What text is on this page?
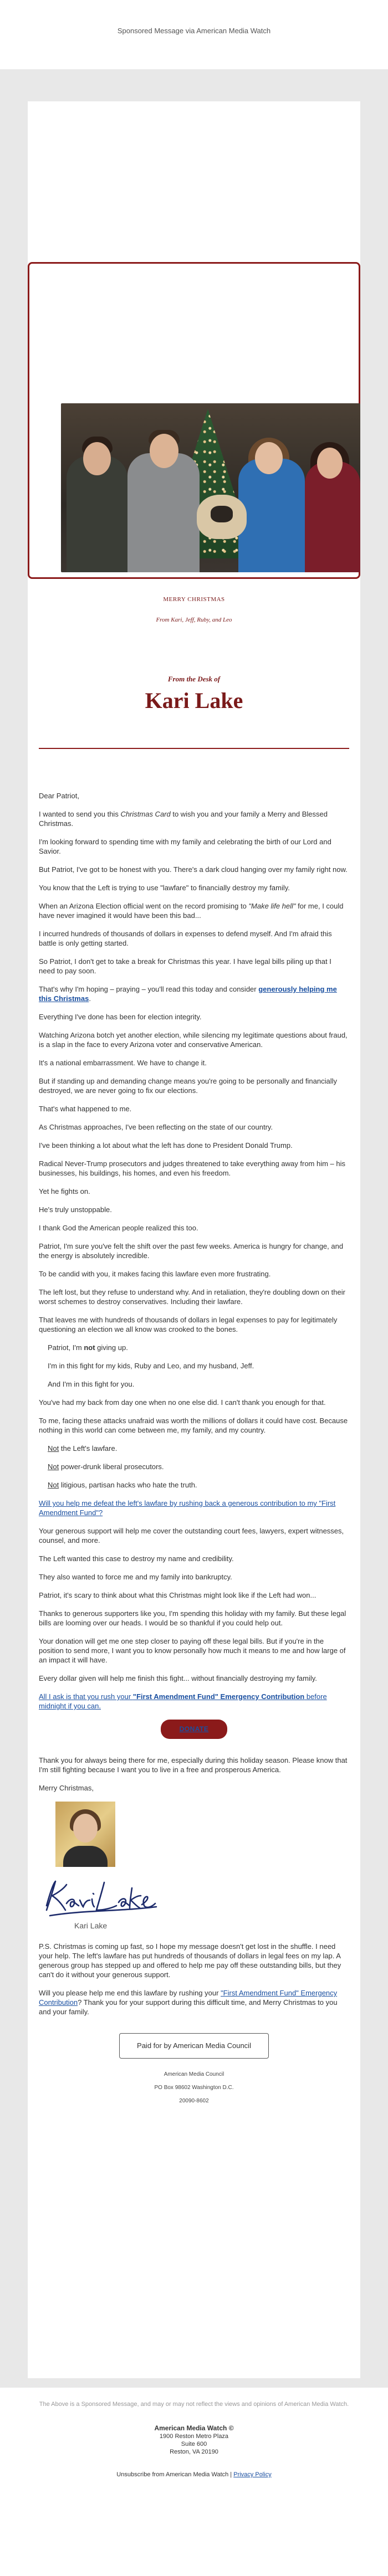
Sponsored Message via American Media Watch
MERRY CHRISTMAS
From Kari, Jeff, Ruby, and Leo
From the Desk of
Kari Lake

Dear Patriot,

I wanted to send you this Christmas Card to wish you and your family a Merry and Blessed Christmas.

I'm looking forward to spending time with my family and celebrating the birth of our Lord and Savior.

But Patriot, I've got to be honest with you. There's a dark cloud hanging over my family right now.

You know that the Left is trying to use "lawfare" to financially destroy my family.

When an Arizona Election official went on the record promising to "Make life hell" for me, I could have never imagined it would have been this bad...

I incurred hundreds of thousands of dollars in expenses to defend myself. And I'm afraid this battle is only getting started.

So Patriot, I don't get to take a break for Christmas this year. I have legal bills piling up that I need to pay soon.

That's why I'm hoping – praying – you'll read this today and consider generously helping me this Christmas.

Everything I've done has been for election integrity.

Watching Arizona botch yet another election, while silencing my legitimate questions about fraud, is a slap in the face to every Arizona voter and conservative American.

It's a national embarrassment. We have to change it.

But if standing up and demanding change means you're going to be personally and financially destroyed, we are never going to fix our elections.

That's what happened to me.

As Christmas approaches, I've been reflecting on the state of our country.

I've been thinking a lot about what the left has done to President Donald Trump.

Radical Never-Trump prosecutors and judges threatened to take everything away from him – his businesses, his buildings, his homes, and even his freedom.

Yet he fights on.

He's truly unstoppable.

I thank God the American people realized this too.

Patriot, I'm sure you've felt the shift over the past few weeks. America is hungry for change, and the energy is absolutely incredible.

To be candid with you, it makes facing this lawfare even more frustrating.

The left lost, but they refuse to understand why. And in retaliation, they're doubling down on their worst schemes to destroy conservatives. Including their lawfare.

That leaves me with hundreds of thousands of dollars in legal expenses to pay for legitimately questioning an election we all know was crooked to the bones.

Patriot, I'm not giving up.

I'm in this fight for my kids, Ruby and Leo, and my husband, Jeff.

And I'm in this fight for you.

You've had my back from day one when no one else did. I can't thank you enough for that.

To me, facing these attacks unafraid was worth the millions of dollars it could have cost. Because nothing in this world can come between me, my family, and my country.

Not the Left's lawfare.

Not power-drunk liberal prosecutors.

Not litigious, partisan hacks who hate the truth.

Will you help me defeat the left's lawfare by rushing back a generous contribution to my "First Amendment Fund"?

Your generous support will help me cover the outstanding court fees, lawyers, expert witnesses, counsel, and more.

The Left wanted this case to destroy my name and credibility.

They also wanted to force me and my family into bankruptcy.

Patriot, it's scary to think about what this Christmas might look like if the Left had won...

Thanks to generous supporters like you, I'm spending this holiday with my family. But these legal bills are looming over our heads. I would be so thankful if you could help out.

Your donation will get me one step closer to paying off these legal bills. But if you're in the position to send more, I want you to know personally how much it means to me and how large of an impact it will have.

Every dollar given will help me finish this fight... without financially destroying my family.

All I ask is that you rush your "First Amendment Fund" Emergency Contribution before midnight if you can.

DONATE

Thank you for always being there for me, especially during this holiday season. Please know that I'm still fighting because I want you to live in a free and prosperous America.

Merry Christmas,

Kari Lake

P.S. Christmas is coming up fast, so I hope my message doesn't get lost in the shuffle. I need your help. The left's lawfare has put hundreds of thousands of dollars in legal fees on my lap. A generous group has stepped up and offered to help me pay off these outstanding bills, but they can't do it without your generous support.

Will you please help me end this lawfare by rushing your "First Amendment Fund" Emergency Contribution? Thank you for your support during this difficult time, and Merry Christmas to you and your family.

Paid for by American Media Council
American Media Council
PO Box 98602 Washington D.C.
20090-8602
The Above is a Sponsored Message, and may or may not reflect the views and opinions of American Media Watch.
American Media Watch ©
1900 Reston Metro Plaza
Suite 600
Reston, VA 20190
Unsubscribe from American Media Watch | Privacy Policy
